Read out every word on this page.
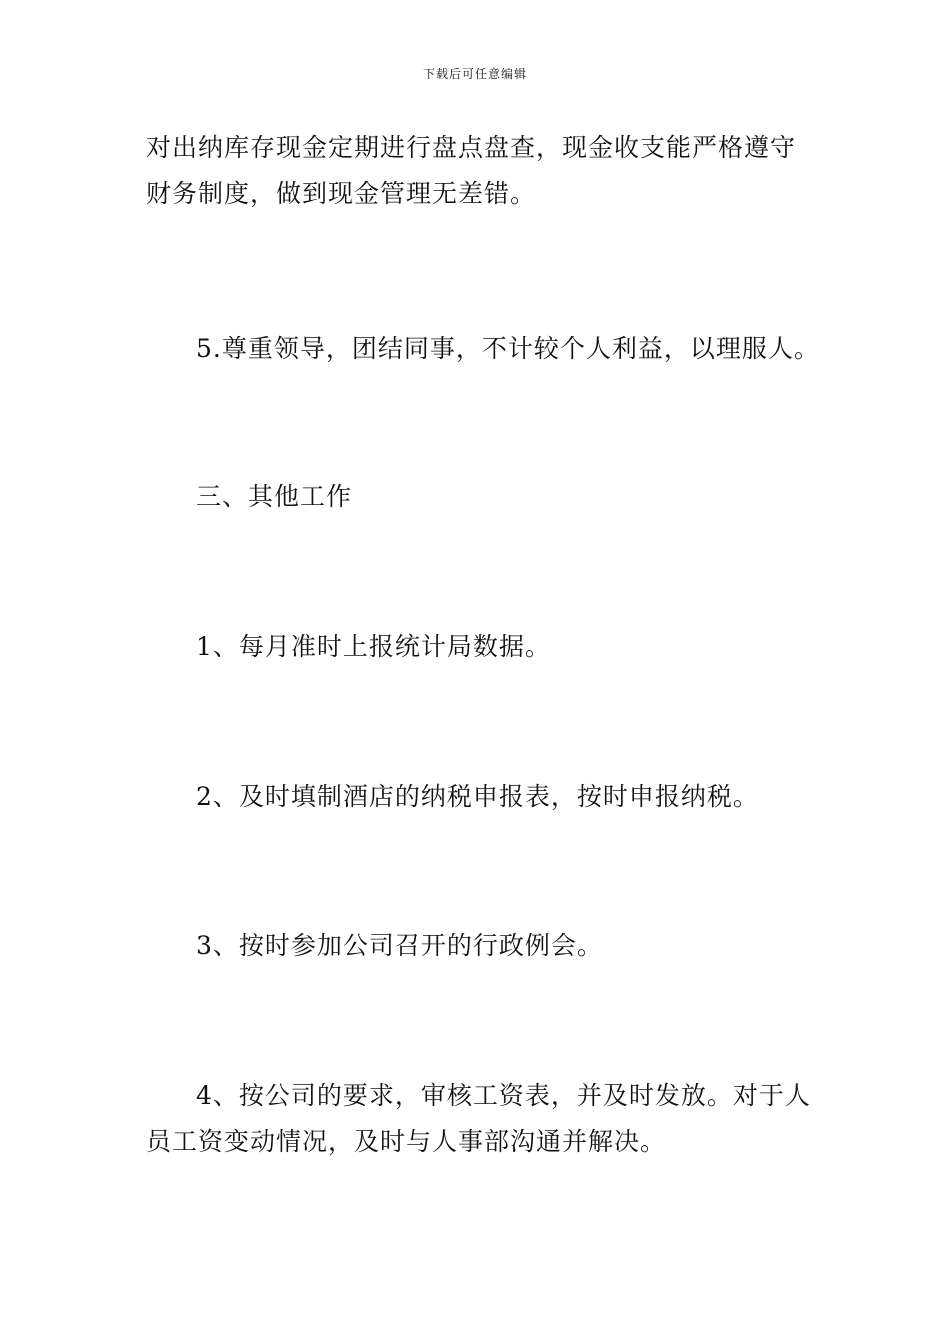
下载后可任意编辑

对出纳库存现金定期进行盘点盘查，现金收支能严格遵守
财务制度，做到现金管理无差错。

5.尊重领导，团结同事，不计较个人利益，以理服人。

三、其他工作

1、每月准时上报统计局数据。

2、及时填制酒店的纳税申报表，按时申报纳税。

3、按时参加公司召开的行政例会。

4、按公司的要求，审核工资表，并及时发放。对于人
员工资变动情况，及时与人事部沟通并解决。
